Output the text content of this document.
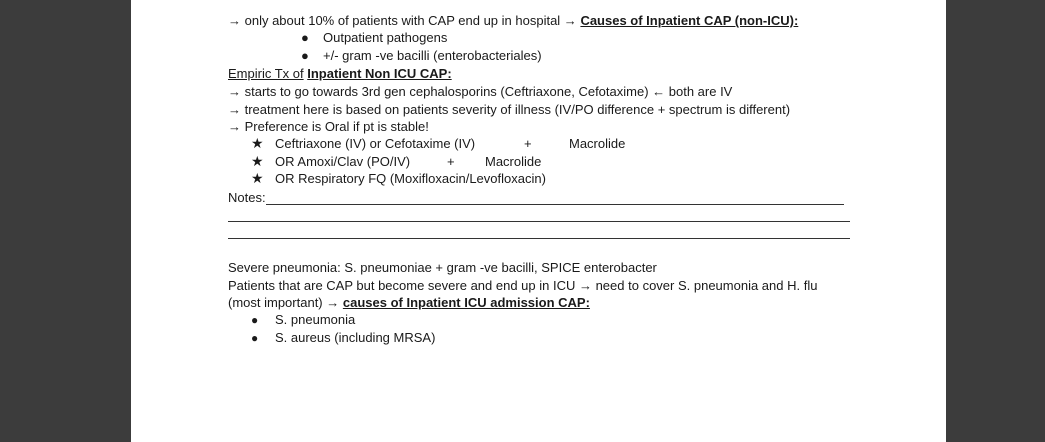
→ only about 10% of patients with CAP end up in hospital → Causes of Inpatient CAP (non-ICU):
● Outpatient pathogens
● +/- gram -ve bacilli (enterobacteriales)
Empiric Tx of Inpatient Non ICU CAP:
→ starts to go towards 3rd gen cephalosporins (Ceftriaxone, Cefotaxime) ← both are IV
→ treatment here is based on patients severity of illness (IV/PO difference + spectrum is different)
→ Preference is Oral if pt is stable!
★ Ceftriaxone (IV) or Cefotaxime (IV)	+	Macrolide
★ OR Amoxi/Clav (PO/IV)	+ Macrolide
★ OR Respiratory FQ (Moxifloxacin/Levofloxacin)
Notes:
Severe pneumonia: S. pneumoniae + gram -ve bacilli, SPICE enterobacter
Patients that are CAP but become severe and end up in ICU → need to cover S. pneumonia and H. flu
(most important) → causes of Inpatient ICU admission CAP:
● S. pneumonia
● S. aureus (including MRSA)
